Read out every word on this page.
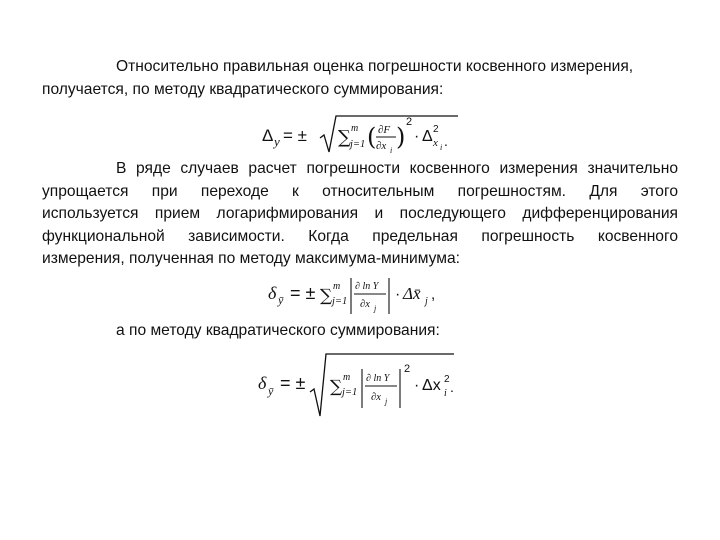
Относительно правильная оценка погрешности косвенного измерения,
получается, по методу квадратического суммирования:
Δ y = ± ∑ m
j=1 ( ∂F
∂x i )
2
· Δ 2
x i .
В ряде случаев расчет погрешности косвенного измерения значительно
упрощается при переходе к относительным погрешностям. Для этого
используется прием логарифмирования и последующего дифференцирования
функциональной зависимости. Когда предельная погрешность косвенного
измерения, полученная по методу максимума-минимума:
δ ȳ = ± ∑ m
j=1
∂ ln Y
∂x j
· Δx̄ j ,
а по методу квадратического суммирования:
δ ȳ = ± ∑ m
j=1
∂ ln Y
∂x j
2
· Δx 2
i .
